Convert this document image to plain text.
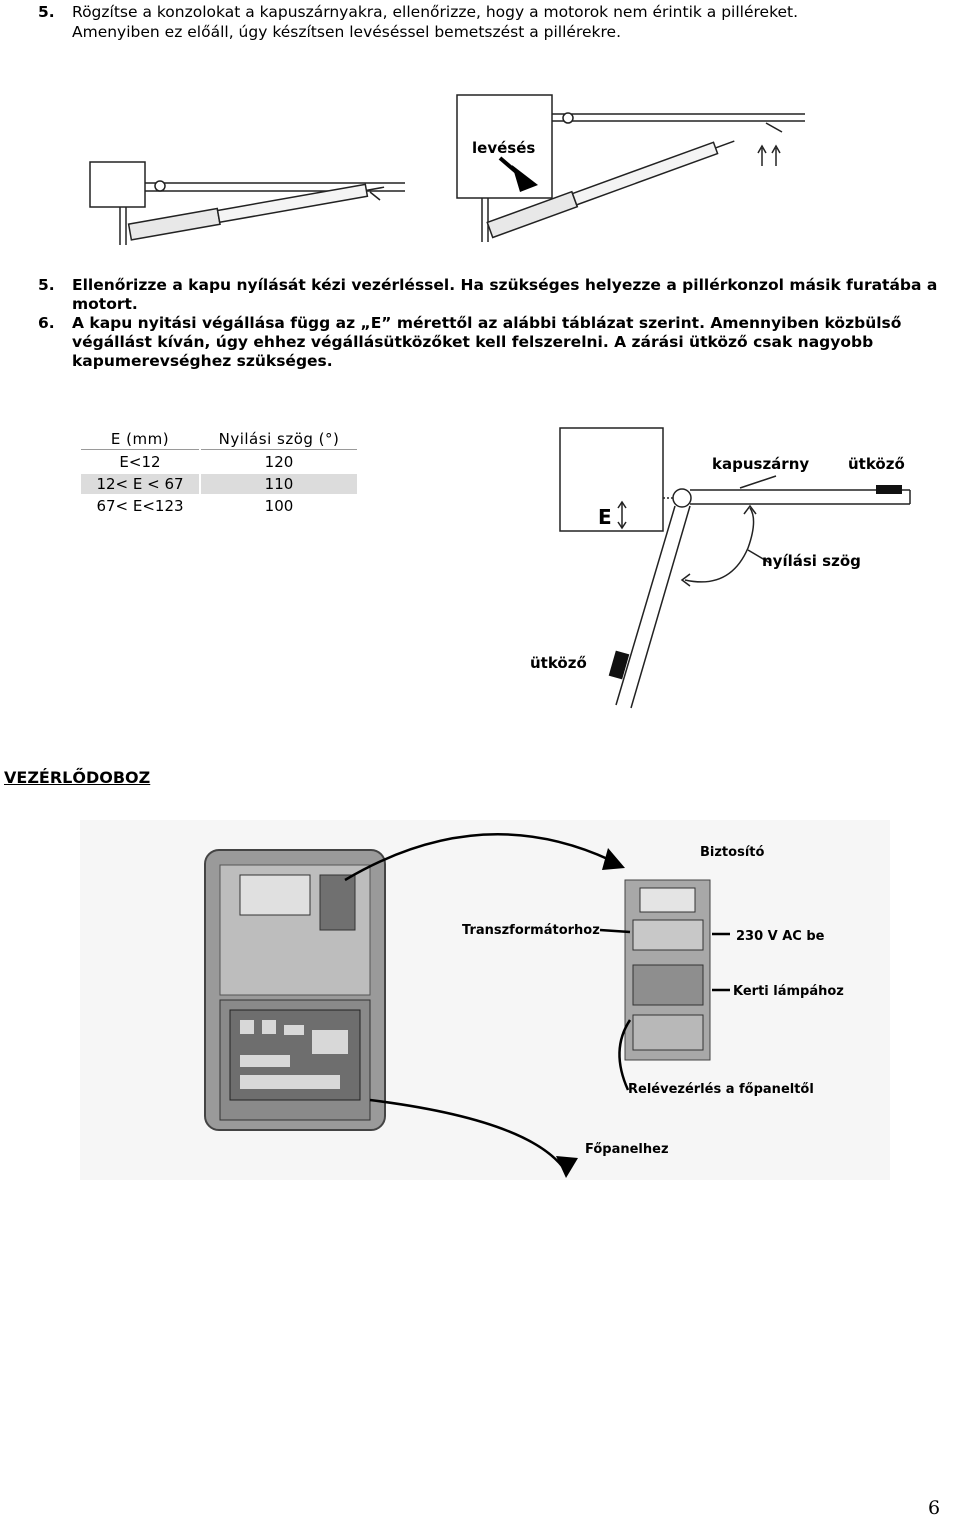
5. Rögzítse a konzolokat a kapuszárnyakra, ellenőrizze, hogy a motorok nem érintik a pilléreket.
Amenyiben ez előáll, úgy készítsen levéséssel bemetszést a pillérekre.
levésés
5. Ellenőrizze a kapu nyílását kézi vezérléssel. Ha szükséges helyezze a pillérkonzol másik furatába a motort.
6. A kapu nyitási végállása függ az „E” mérettől az alábbi táblázat szerint. Amennyiben közbülső végállást kíván, úgy ehhez végállásütközőket kell felszerelni. A zárási ütköző csak nagyobb kapumerevséghez szükséges.
E (mm)	Nyilási szög (°)
E<12	120
12< E < 67	110
67< E<123	100
kapuszárny	ütköző
nyílási szög
E
ütköző
VEZÉRLŐDOBOZ
Biztosító
Transzformátorhoz	230 V AC be
Kerti lámpához
Relévezérlés a főpaneltől
Főpanelhez
6
